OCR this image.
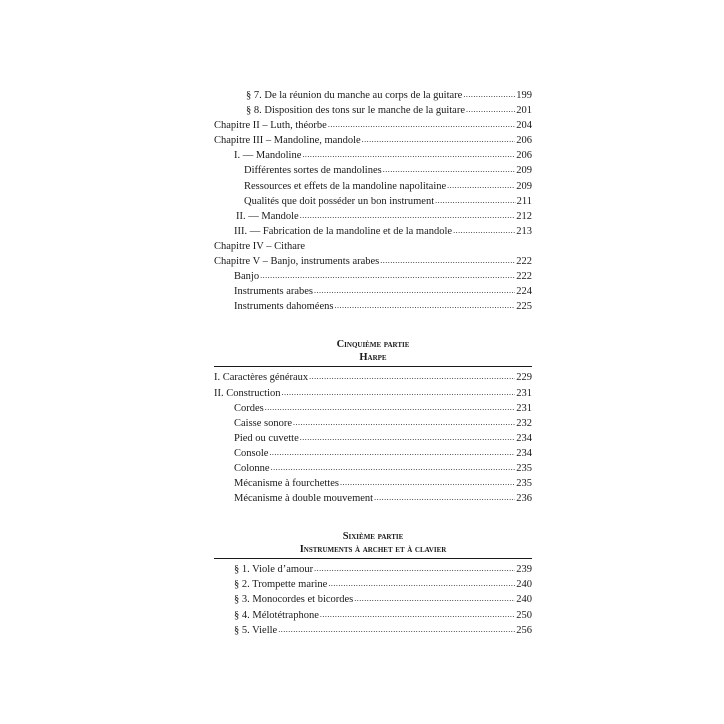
§ 7. De la réunion du manche au corps de la guitare .....	199
§ 8. Disposition des tons sur le manche de la guitare .....	201
Chapitre II – Luth, théorbe .....	204
Chapitre III – Mandoline, mandole .....	206
I. — Mandoline .....	206
Différentes sortes de mandolines .....	209
Ressources et effets de la mandoline napolitaine .....	209
Qualités que doit posséder un bon instrument .....	211
II. — Mandole .....	212
III. — Fabrication de la mandoline et de la mandole .....	213
Chapitre IV – Cithare
Chapitre V – Banjo, instruments arabes .....	222
Banjo .....	222
Instruments arabes .....	224
Instruments dahoméens .....	225
Cinquième partie
Harpe
I. Caractères généraux .....	229
II. Construction .....	231
Cordes .....	231
Caisse sonore .....	232
Pied ou cuvette .....	234
Console .....	234
Colonne .....	235
Mécanisme à fourchettes .....	235
Mécanisme à double mouvement .....	236
Sixième partie
Instruments à archet et à clavier
§ 1. Viole d’amour .....	239
§ 2. Trompette marine .....	240
§ 3. Monocordes et bicordes .....	240
§ 4. Mélotétraphone .....	250
§ 5. Vielle .....	256
